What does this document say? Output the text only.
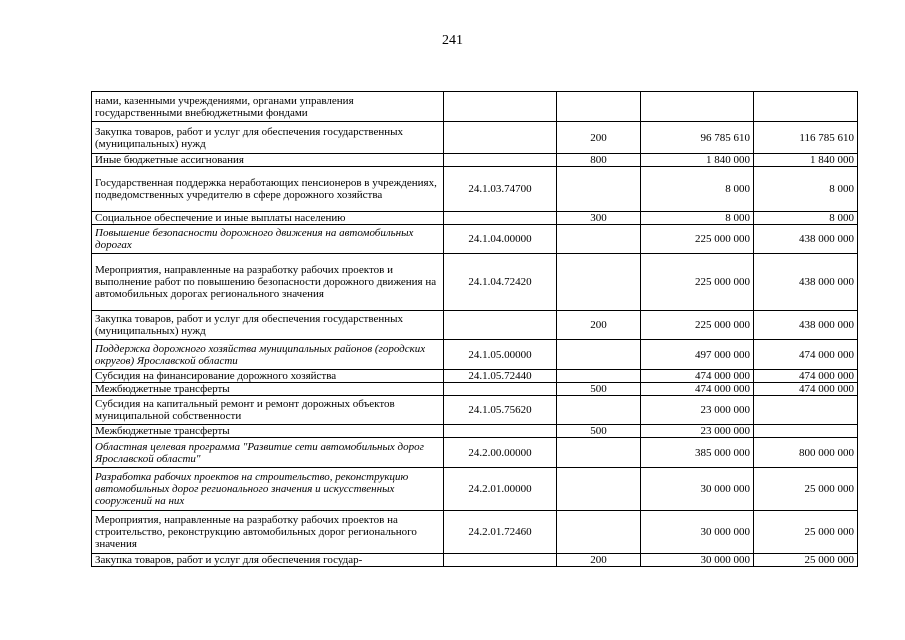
241
нами, казенными учреждениями, органами управления государственными внебюджетными фондами				
Закупка товаров, работ и услуг для обеспечения государственных (муниципальных) нужд		200	96 785 610	116 785 610
Иные бюджетные ассигнования		800	1 840 000	1 840 000
Государственная поддержка неработающих пенсионеров в учреждениях, подведомственных учредителю в сфере дорожного хозяйства	24.1.03.74700		8 000	8 000
Социальное обеспечение и иные выплаты населению		300	8 000	8 000
Повышение безопасности дорожного движения на автомобильных дорогах	24.1.04.00000		225 000 000	438 000 000
Мероприятия, направленные на разработку рабочих проектов и выполнение работ по повышению безопасности дорожного движения на автомобильных дорогах регионального значения	24.1.04.72420		225 000 000	438 000 000
Закупка товаров, работ и услуг для обеспечения государственных (муниципальных) нужд		200	225 000 000	438 000 000
Поддержка дорожного хозяйства муниципальных районов (городских округов) Ярославской области	24.1.05.00000		497 000 000	474 000 000
Субсидия на финансирование дорожного хозяйства	24.1.05.72440		474 000 000	474 000 000
Межбюджетные трансферты		500	474 000 000	474 000 000
Субсидия на капитальный ремонт и ремонт дорожных объектов муниципальной собственности	24.1.05.75620		23 000 000	
Межбюджетные трансферты		500	23 000 000	
Областная целевая программа "Развитие сети автомобильных дорог Ярославской области"	24.2.00.00000		385 000 000	800 000 000
Разработка рабочих проектов на строительство, реконструкцию автомобильных дорог регионального значения и искусственных сооружений на них	24.2.01.00000		30 000 000	25 000 000
Мероприятия, направленные на разработку рабочих проектов на строительство, реконструкцию автомобильных дорог регионального значения	24.2.01.72460		30 000 000	25 000 000
Закупка товаров, работ и услуг для обеспечения государ-		200	30 000 000	25 000 000
